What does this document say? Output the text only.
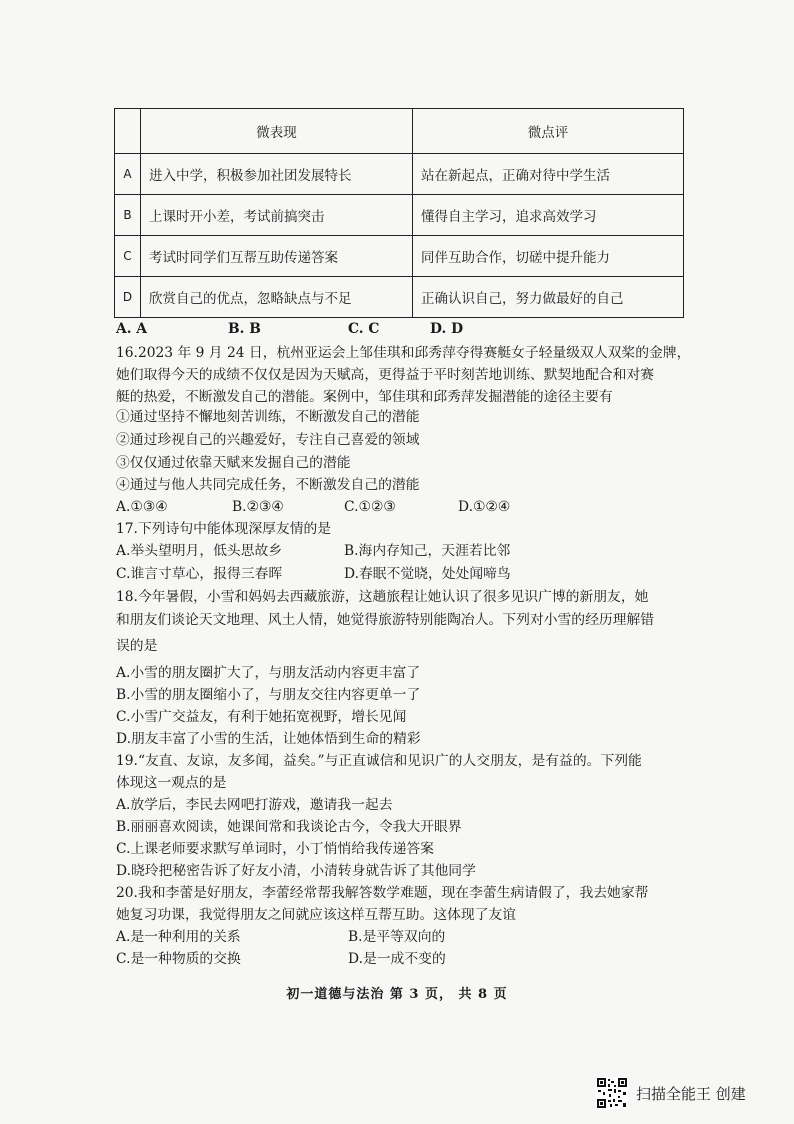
	微表现	微点评
A	进入中学，积极参加社团发展特长	站在新起点，正确对待中学生活
B	上课时开小差，考试前搞突击	懂得自主学习，追求高效学习
C	考试时同学们互帮互助传递答案	同伴互助合作，切磋中提升能力
D	欣赏自己的优点，忽略缺点与不足	正确认识自己，努力做最好的自己
A. A	B. B	C. C	D. D
16.2023 年 9 月 24 日，杭州亚运会上邹佳琪和邱秀萍夺得赛艇女子轻量级双人双桨的金牌，
她们取得今天的成绩不仅仅是因为天赋高，更得益于平时刻苦地训练、默契地配合和对赛
艇的热爱，不断激发自己的潜能。案例中，邹佳琪和邱秀萍发掘潜能的途径主要有
①通过坚持不懈地刻苦训练，不断激发自己的潜能
②通过珍视自己的兴趣爱好，专注自己喜爱的领域
③仅仅通过依靠天赋来发掘自己的潜能
④通过与他人共同完成任务，不断激发自己的潜能
A.①③④	B.②③④	C.①②③	D.①②④
17.下列诗句中能体现深厚友情的是
A.举头望明月，低头思故乡	B.海内存知己，天涯若比邻
C.谁言寸草心，报得三春晖	D.春眠不觉晓，处处闻啼鸟
18.今年暑假，小雪和妈妈去西藏旅游，这趟旅程让她认识了很多见识广博的新朋友，她
和朋友们谈论天文地理、风土人情，她觉得旅游特别能陶冶人。下列对小雪的经历理解错
误的是
A.小雪的朋友圈扩大了，与朋友活动内容更丰富了
B.小雪的朋友圈缩小了，与朋友交往内容更单一了
C.小雪广交益友，有利于她拓宽视野，增长见闻
D.朋友丰富了小雪的生活，让她体悟到生命的精彩
19.“友直、友谅，友多闻，益矣。”与正直诚信和见识广的人交朋友，是有益的。下列能
体现这一观点的是
A.放学后，李民去网吧打游戏，邀请我一起去
B.丽丽喜欢阅读，她课间常和我谈论古今，令我大开眼界
C.上课老师要求默写单词时，小丁悄悄给我传递答案
D.晓玲把秘密告诉了好友小清，小清转身就告诉了其他同学
20.我和李蕾是好朋友，李蕾经常帮我解答数学难题，现在李蕾生病请假了，我去她家帮
她复习功课，我觉得朋友之间就应该这样互帮互助。这体现了友谊
A.是一种利用的关系	B.是平等双向的
C.是一种物质的交换	D.是一成不变的
初一道德与法治 第 3 页， 共 8 页
扫描全能王 创建
